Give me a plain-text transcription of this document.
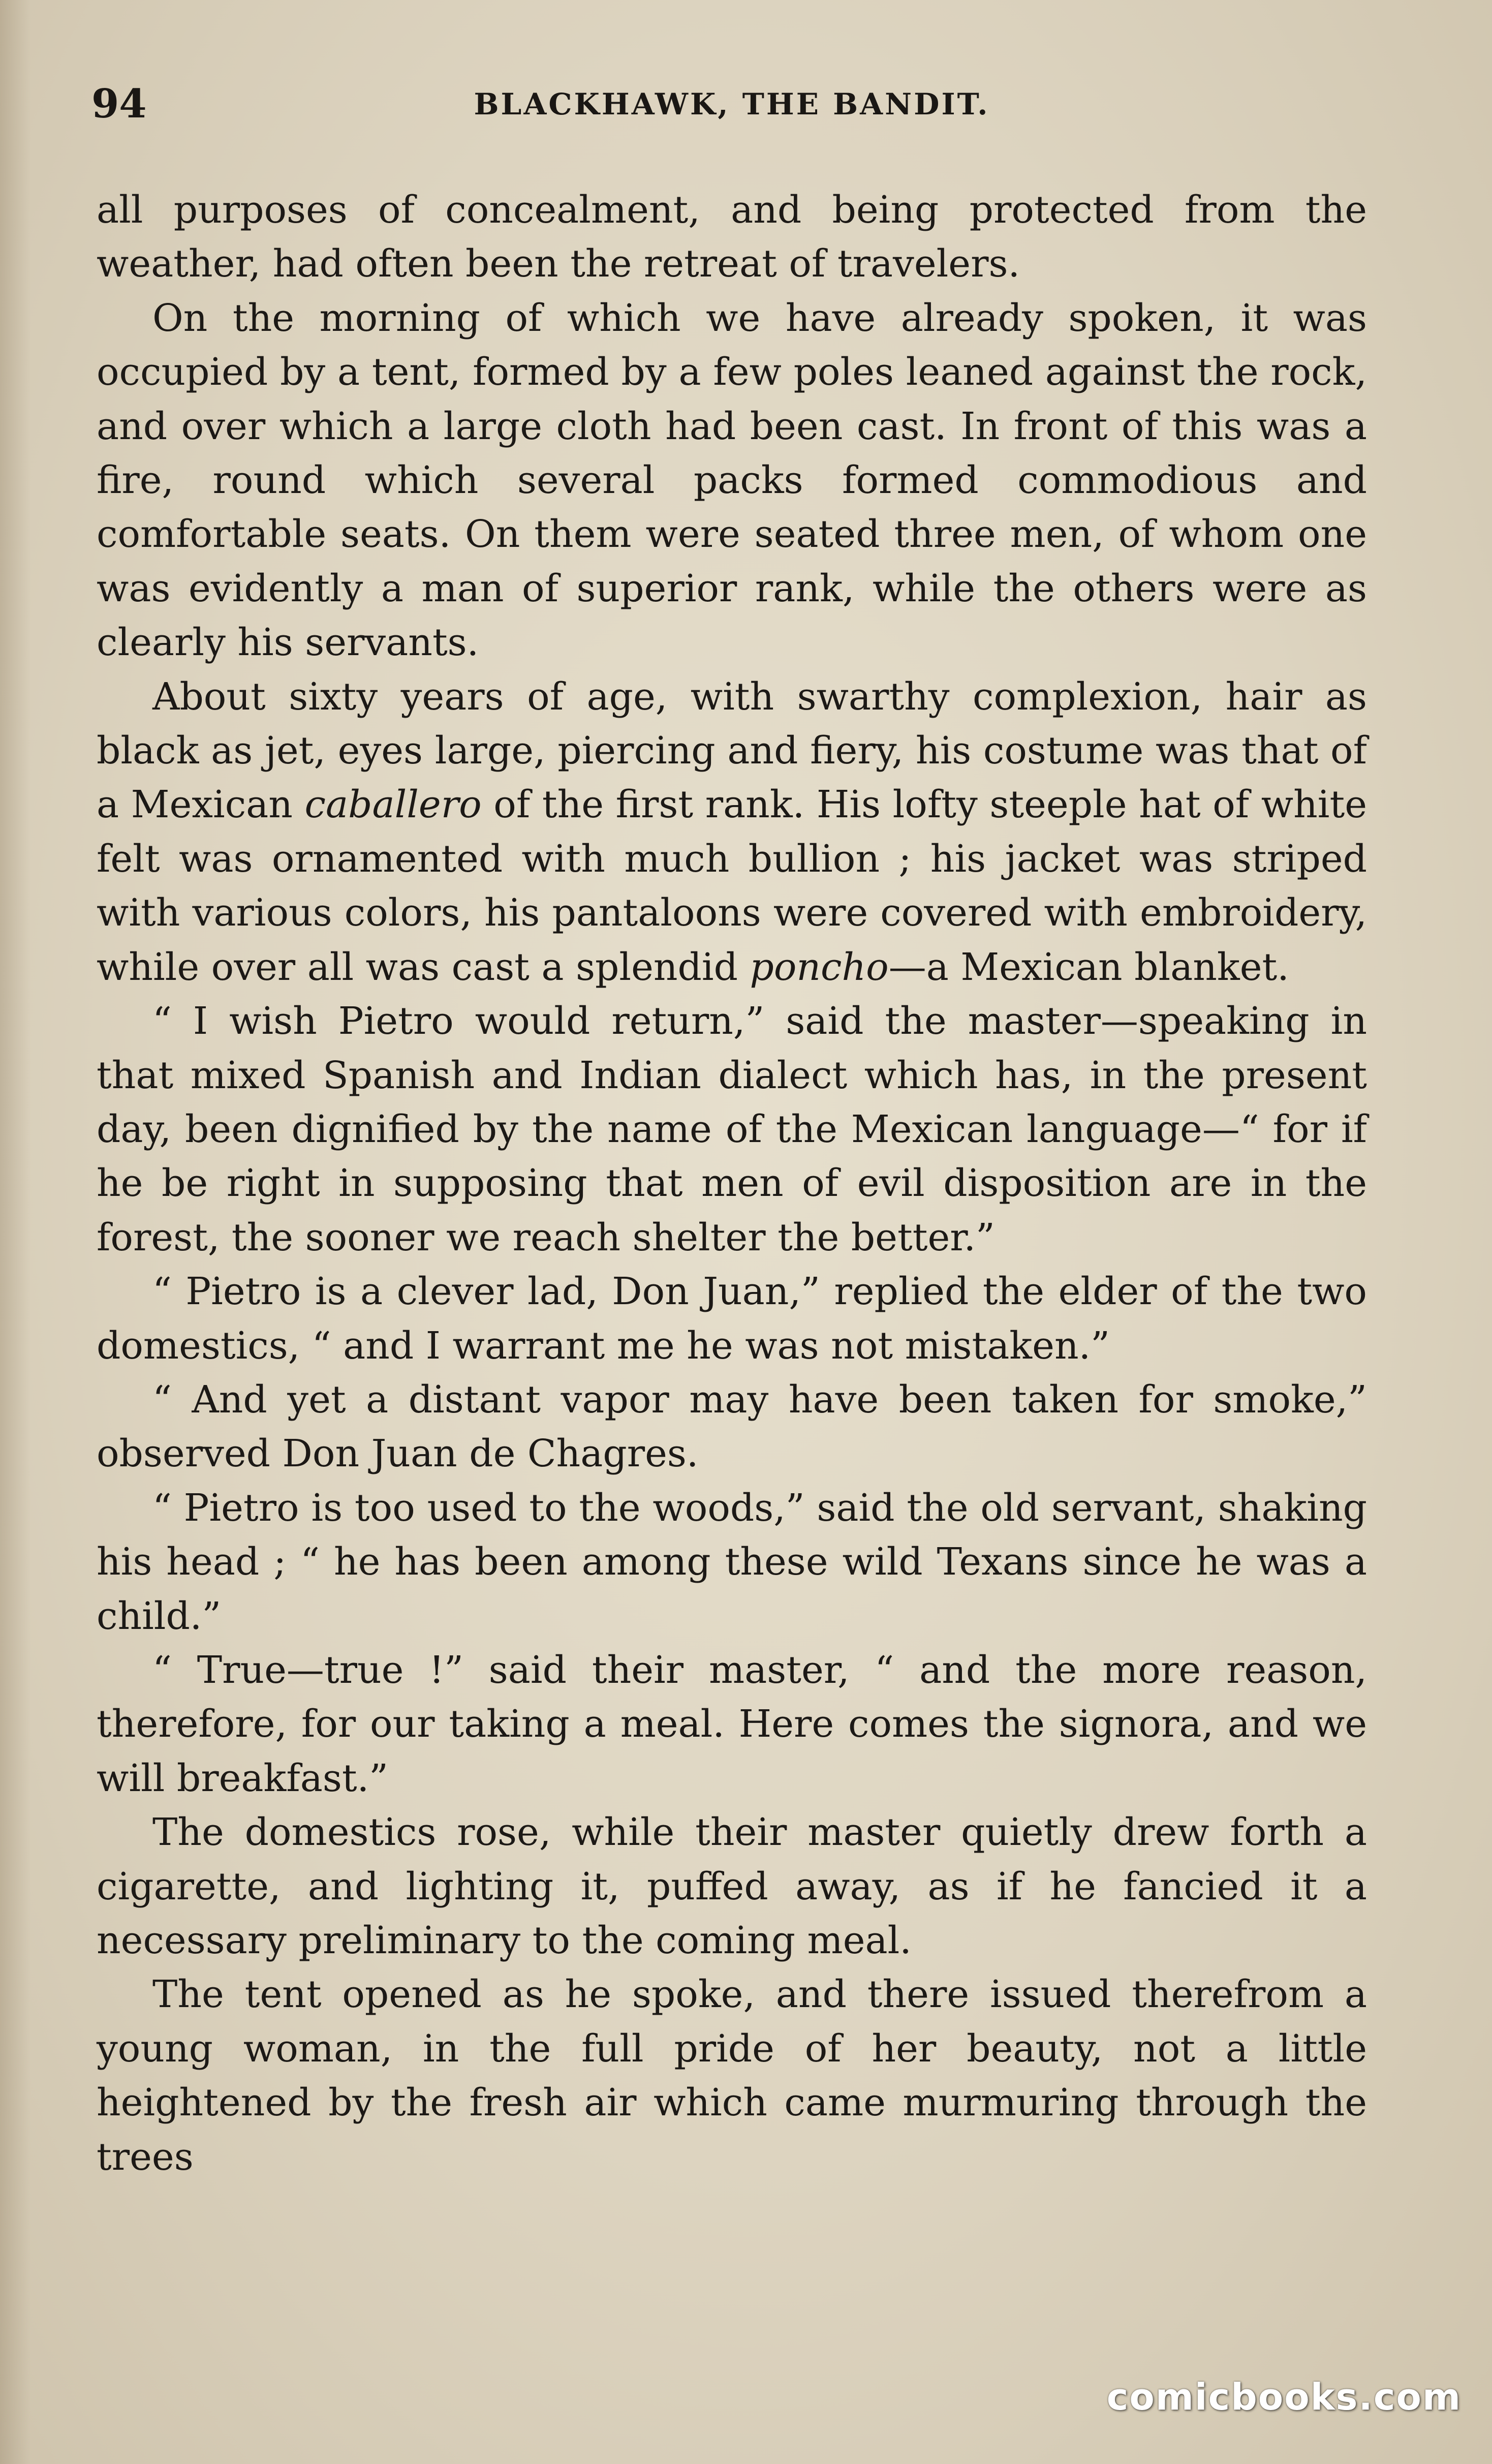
94	BLACKHAWK, THE BANDIT.

all purposes of concealment, and being protected from the weather, had often been the retreat of travelers.

On the morning of which we have already spoken, it was occupied by a tent, formed by a few poles leaned against the rock, and over which a large cloth had been cast. In front of this was a fire, round which several packs formed commodious and comfortable seats. On them were seated three men, of whom one was evidently a man of superior rank, while the others were as clearly his servants.

About sixty years of age, with swarthy complexion, hair as black as jet, eyes large, piercing and fiery, his costume was that of a Mexican caballero of the first rank. His lofty steeple hat of white felt was ornamented with much bullion ; his jacket was striped with various colors, his pantaloons were covered with embroidery, while over all was cast a splendid poncho—a Mexican blanket.

“ I wish Pietro would return,” said the master—speaking in that mixed Spanish and Indian dialect which has, in the present day, been dignified by the name of the Mexican language—“ for if he be right in supposing that men of evil disposition are in the forest, the sooner we reach shelter the better.”

“ Pietro is a clever lad, Don Juan,” replied the elder of the two domestics, “ and I warrant me he was not mistaken.”

“ And yet a distant vapor may have been taken for smoke,” observed Don Juan de Chagres.

“ Pietro is too used to the woods,” said the old servant, shaking his head ; “ he has been among these wild Texans since he was a child.”

“ True—true !” said their master, “ and the more reason, therefore, for our taking a meal. Here comes the signora, and we will breakfast.”

The domestics rose, while their master quietly drew forth a cigarette, and lighting it, puffed away, as if he fancied it a necessary preliminary to the coming meal.

The tent opened as he spoke, and there issued therefrom a young woman, in the full pride of her beauty, not a little heightened by the fresh air which came murmuring through the trees

comicbooks.com
